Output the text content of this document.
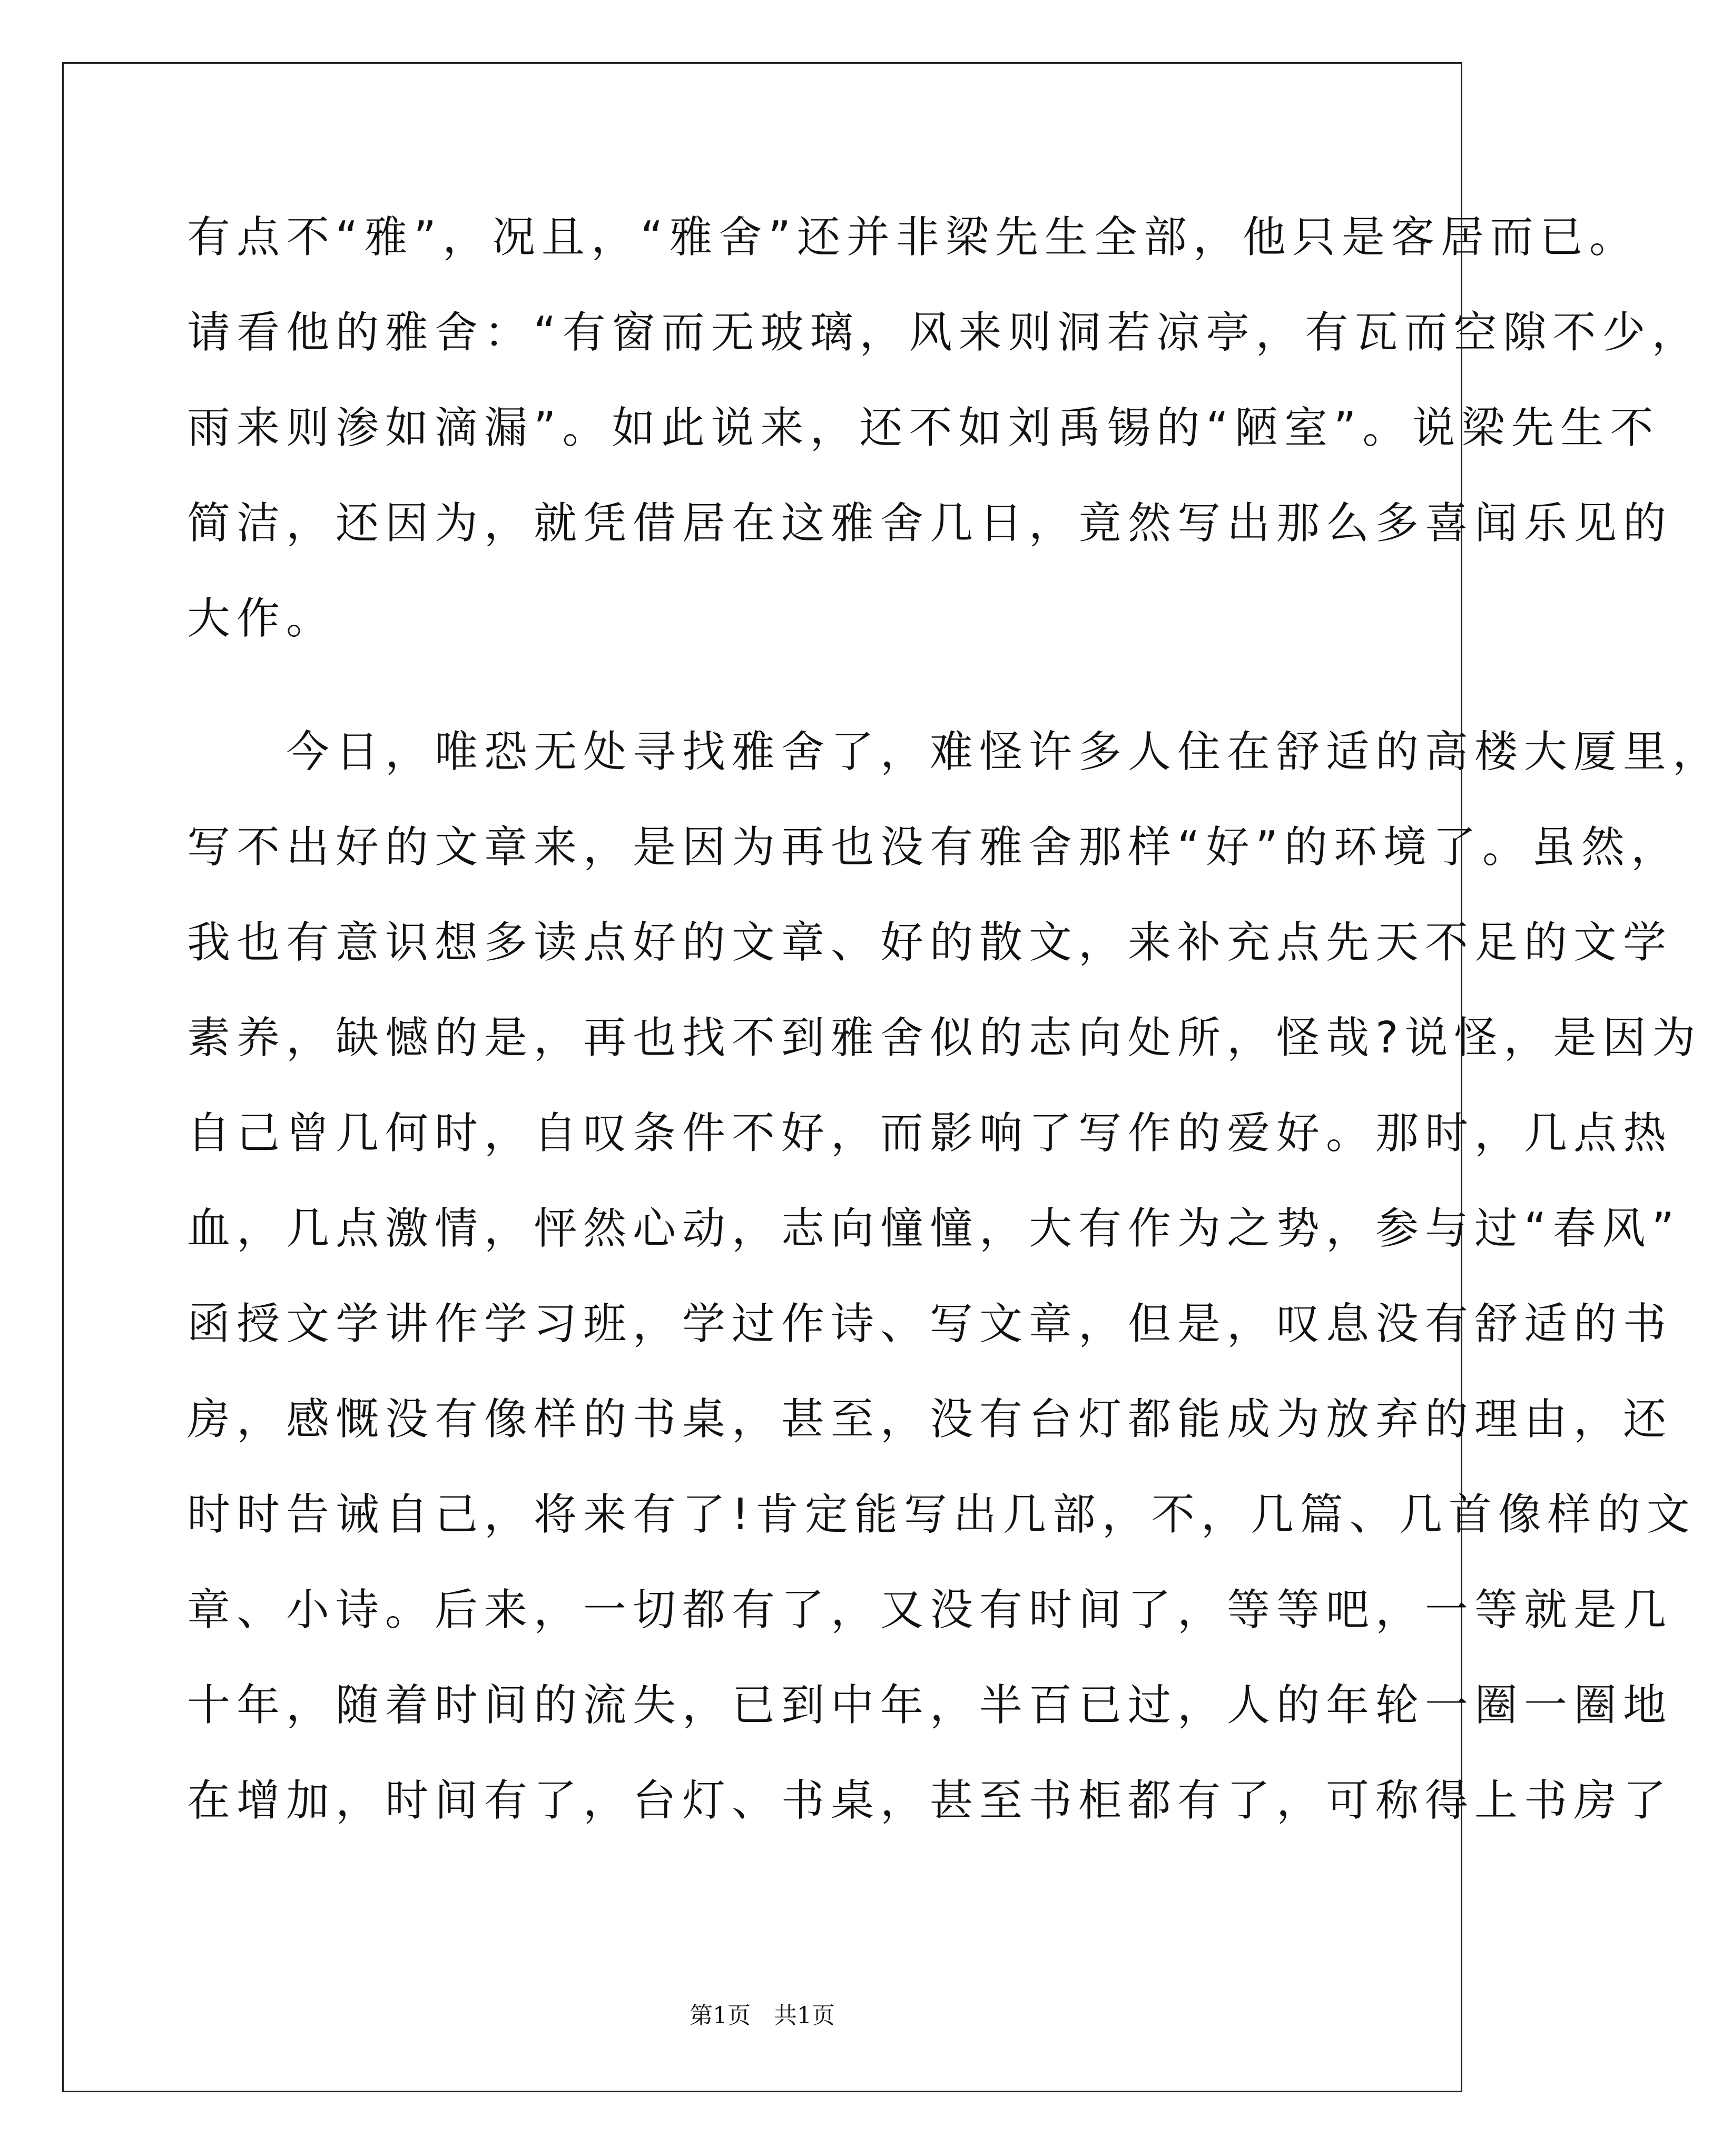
有点不“雅”，况且，“雅舍”还并非梁先生全部，他只是客居而已。
请看他的雅舍：“有窗而无玻璃，风来则洞若凉亭，有瓦而空隙不少，
雨来则渗如滴漏”。如此说来，还不如刘禹锡的“陋室”。说梁先生不
简洁，还因为，就凭借居在这雅舍几日，竟然写出那么多喜闻乐见的
大作。
　　今日，唯恐无处寻找雅舍了，难怪许多人住在舒适的高楼大厦里，
写不出好的文章来，是因为再也没有雅舍那样“好”的环境了。虽然，
我也有意识想多读点好的文章、好的散文，来补充点先天不足的文学
素养，缺憾的是，再也找不到雅舍似的志向处所，怪哉?说怪，是因为
自己曾几何时，自叹条件不好，而影响了写作的爱好。那时，几点热
血，几点激情，怦然心动，志向憧憧，大有作为之势，参与过“春风”
函授文学讲作学习班，学过作诗、写文章，但是，叹息没有舒适的书
房，感慨没有像样的书桌，甚至，没有台灯都能成为放弃的理由，还
时时告诫自己，将来有了!肯定能写出几部，不，几篇、几首像样的文
章、小诗。后来，一切都有了，又没有时间了，等等吧，一等就是几
十年，随着时间的流失，已到中年，半百已过，人的年轮一圈一圈地
在增加，时间有了，台灯、书桌，甚至书柜都有了，可称得上书房了
第1页　共1页
